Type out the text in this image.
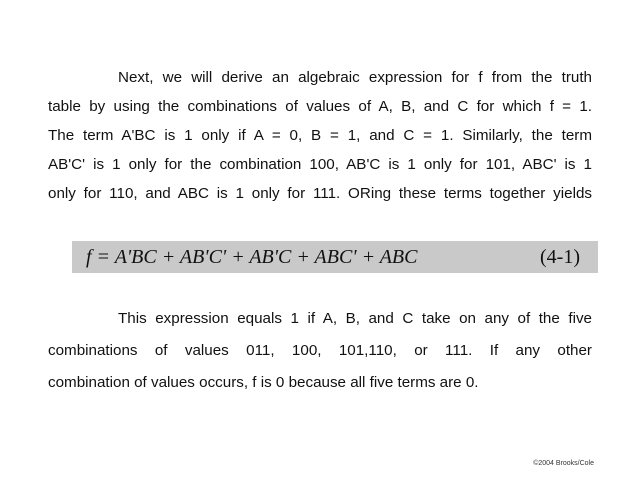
Next, we will derive an algebraic expression for f from the truth
table by using the combinations of values of A, B, and C for which f = 1.
The term A'BC is 1 only if A = 0, B = 1, and C = 1. Similarly, the term
AB'C' is 1 only for the combination 100, AB'C is 1 only for 101, ABC' is 1
only for 110, and ABC is 1 only for 111. ORing these terms together yields
f = A'BC + AB'C' + AB'C + ABC' + ABC	(4-1)
This expression equals 1 if A, B, and C take on any of the five
combinations of values 011, 100, 101,110, or 111. If any other
combination of values occurs, f is 0 because all five terms are 0.
©2004 Brooks/Cole
